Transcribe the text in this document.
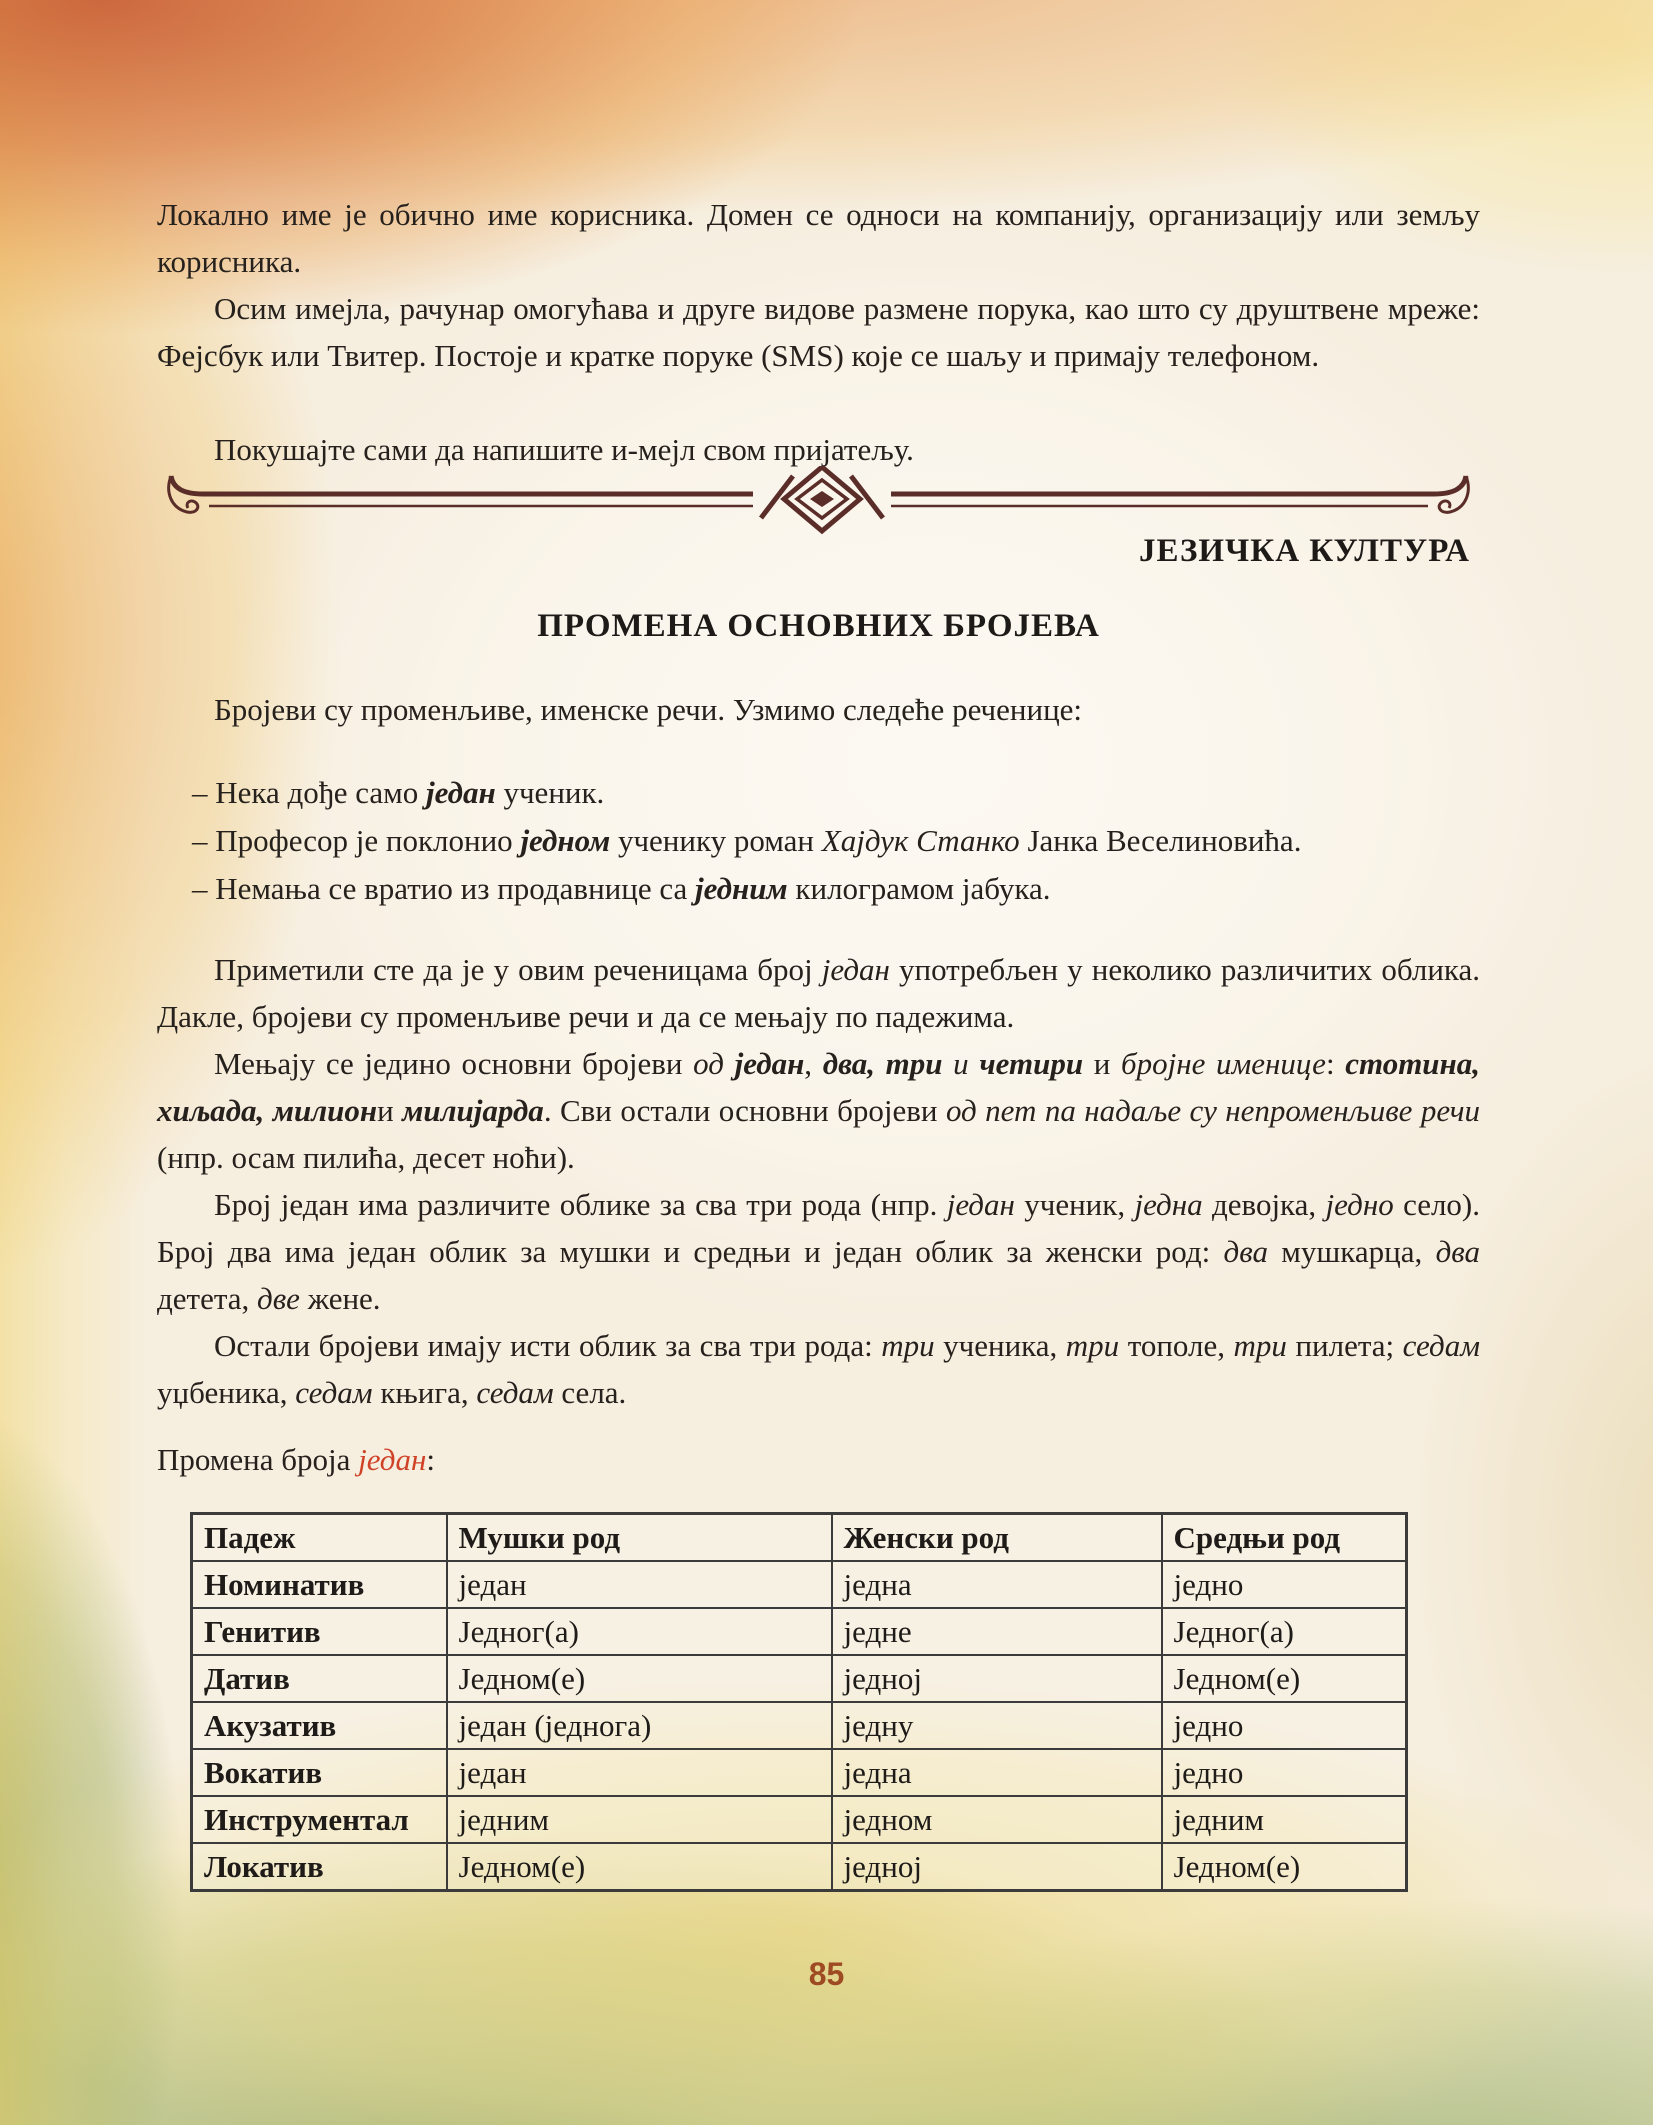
Локално име је обично име корисника. Домен се односи на компанију, организацију или земљу корисника.

Осим имејла, рачунар омогућава и друге видове размене порука, као што су друштвене мреже: Фејсбук или Твитер. Постоје и кратке поруке (SMS) које се шаљу и примају телефоном.

Покушајте сами да напишите и-мејл свом пријатељу.

ЈЕЗИЧКА КУЛТУРА

ПРОМЕНА ОСНОВНИХ БРОЈЕВА

Бројеви су променљиве, именске речи. Узмимо следеће реченице:

– Нека дође само један ученик.

– Професор је поклонио једном ученику роман Хајдук Станко Јанка Веселиновића.

– Немања се вратио из продавнице са једним килограмом јабука.

Приметили сте да је у овим реченицама број један употребљен у неколико различитих облика. Дакле, бројеви су променљиве речи и да се мењају по падежима.

Мењају се једино основни бројеви од један, два, три и четири и бројне именице: стотина, хиљада, милиони милијарда. Сви остали основни бројеви од пет па надаље су непроменљиве речи (нпр. осам пилића, десет ноћи).

Број један има различите облике за сва три рода (нпр. један ученик, једна девојка, једно село). Број два има један облик за мушки и средњи и један облик за женски род: два мушкарца, два детета, две жене.

Остали бројеви имају исти облик за сва три рода: три ученика, три тополе, три пилета; седам уџбеника, седам књига, седам села.

Промена броја један:

Падеж	Мушки род	Женски род	Средњи род
Номинатив	један	једна	једно
Генитив	Једног(а)	једне	Једног(а)
Датив	Једном(е)	једној	Једном(е)
Акузатив	један (једнога)	једну	једно
Вокатив	један	једна	једно
Инструментал	једним	једном	једним
Локатив	Једном(е)	једној	Једном(е)

85
